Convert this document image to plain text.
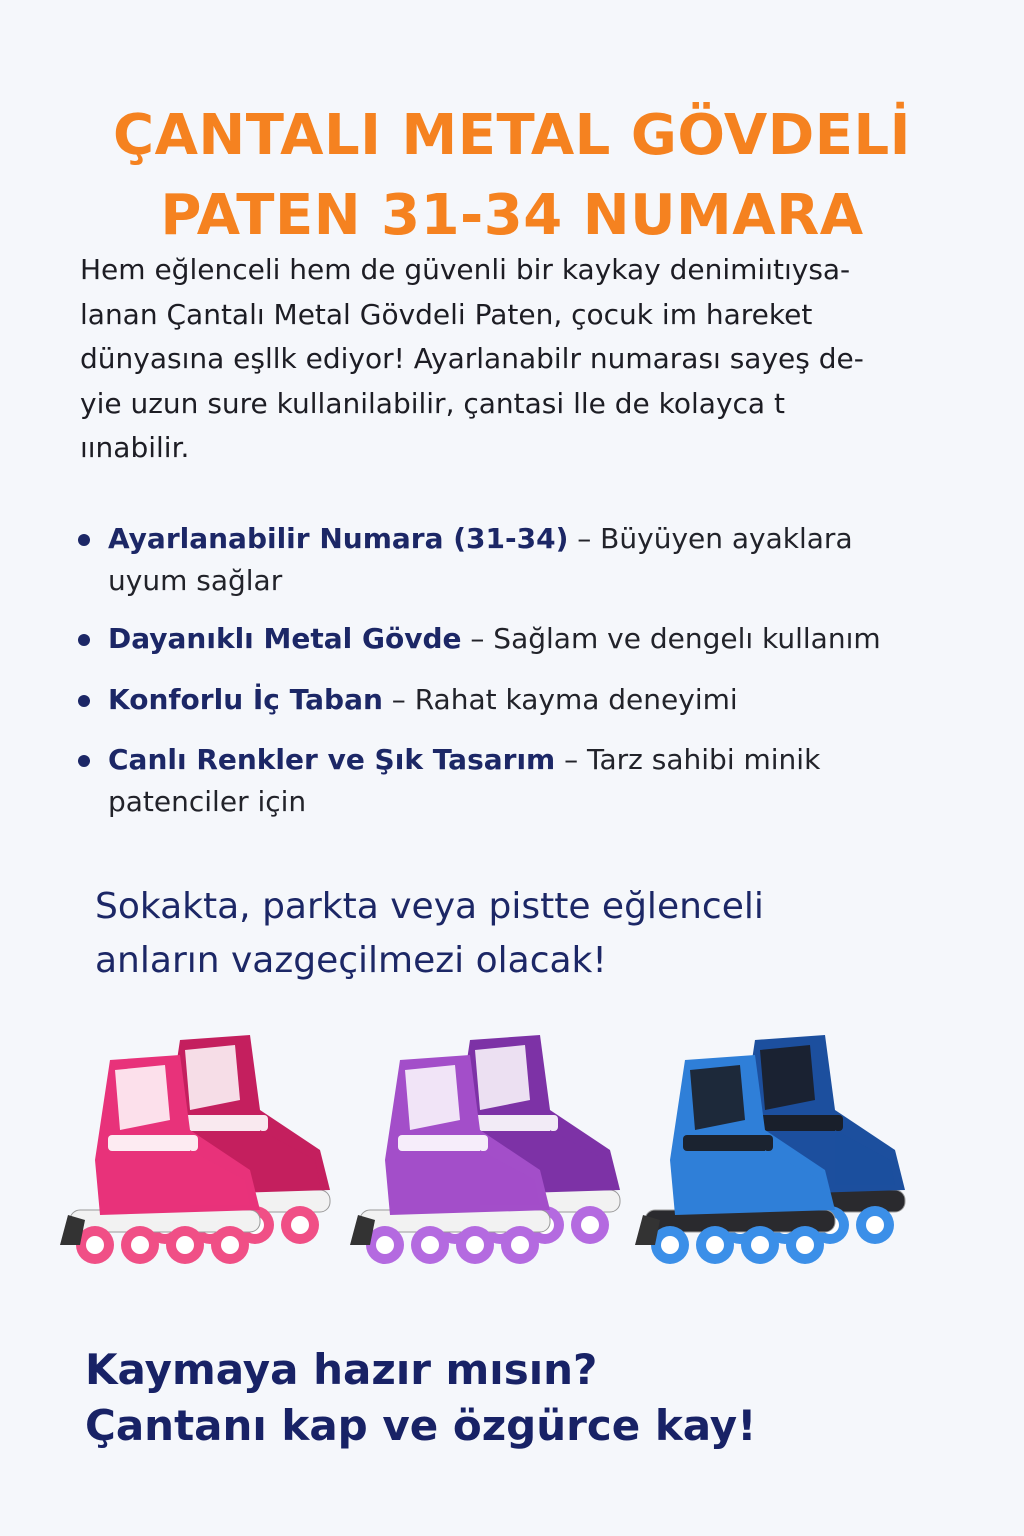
ÇANTALI METAL GÖVDELİ
PATEN 31-34 NUMARA
Hem eğlenceli hem de güvenli bir kaykay denimiıtıysa-
lanan Çantalı Metal Gövdeli Paten, çocuk im hareket
dünyasına eşllk ediyor! Ayarlanabilr numarası sayeş de-
yie uzun sure kullanilabilir, çantasi lle de kolayca t
ıınabilir.
Ayarlanabilir Numara (31-34) – Büyüyen ayaklara
uyum sağlar
Dayanıklı Metal Gövde – Sağlam ve dengelı kullanım
Konforlu İç Taban – Rahat kayma deneyimi
Canlı Renkler ve Şık Tasarım – Tarz sahibi minik
patenciler için
Sokakta, parkta veya pistte eğlenceli
anların vazgeçilmezi olacak!
Kaymaya hazır mısın?
Çantanı kap ve özgürce kay!
